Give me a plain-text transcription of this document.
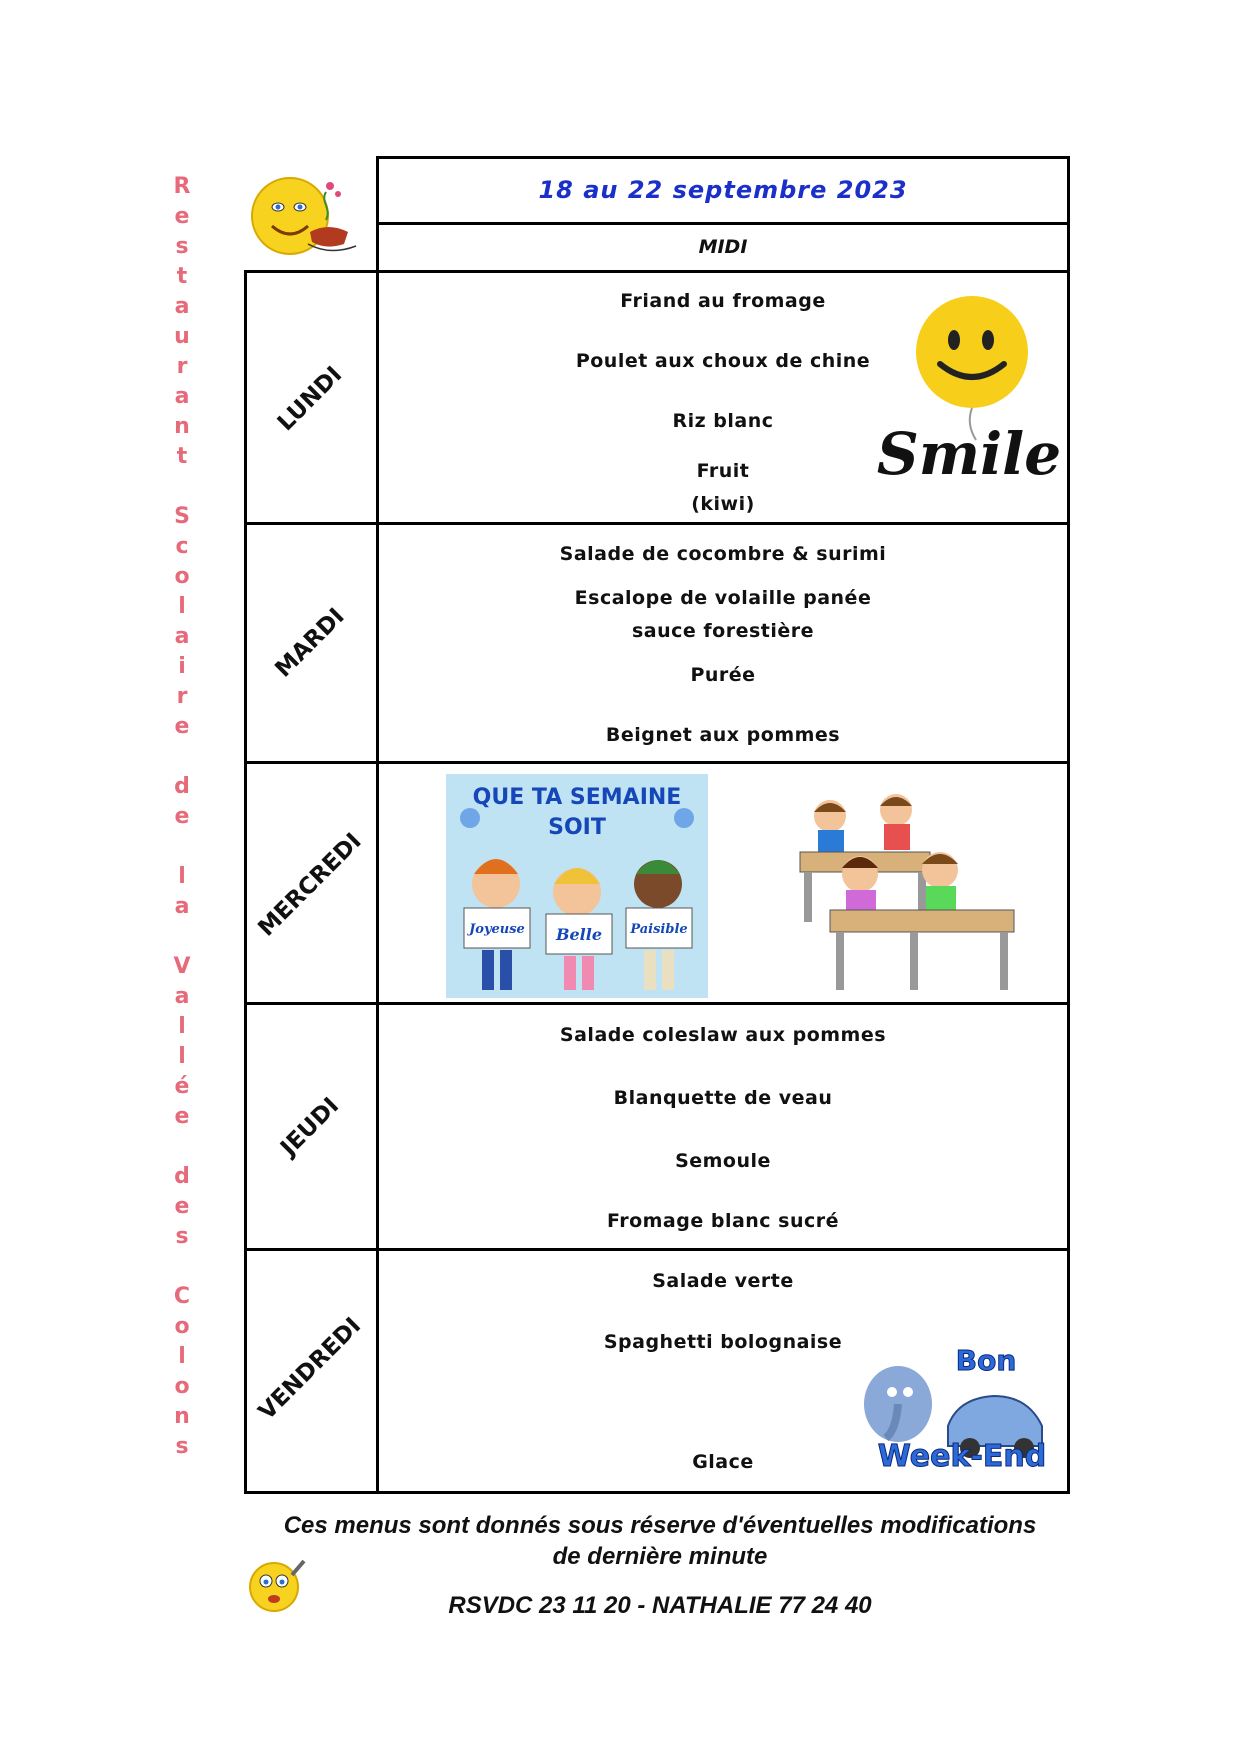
R
e
s
t
a
u
r
a
n
t

S
c
o
l
a
i
r
e

d
e

l
a

V
a
l
l
é
e

d
e
s

C
o
l
o
n
s
18 au 22 septembre 2023
MIDI
LUNDI
MARDI
MERCREDI
JEUDI
VENDREDI
Friand au fromage
Poulet aux choux de chine
Riz blanc
Fruit
(kiwi)
Salade de cocombre & surimi
Escalope de volaille panée
sauce forestière
Purée
Beignet aux pommes
Salade coleslaw aux pommes
Blanquette de veau
Semoule
Fromage blanc sucré
Salade verte
Spaghetti bolognaise
Glace
Smile
QUE TA SEMAINE
SOIT
Joyeuse Belle Paisible
Bon
Week-End
Ces menus sont donnés sous réserve d'éventuelles modifications
de dernière minute
RSVDC 23 11 20 - NATHALIE 77 24 40
